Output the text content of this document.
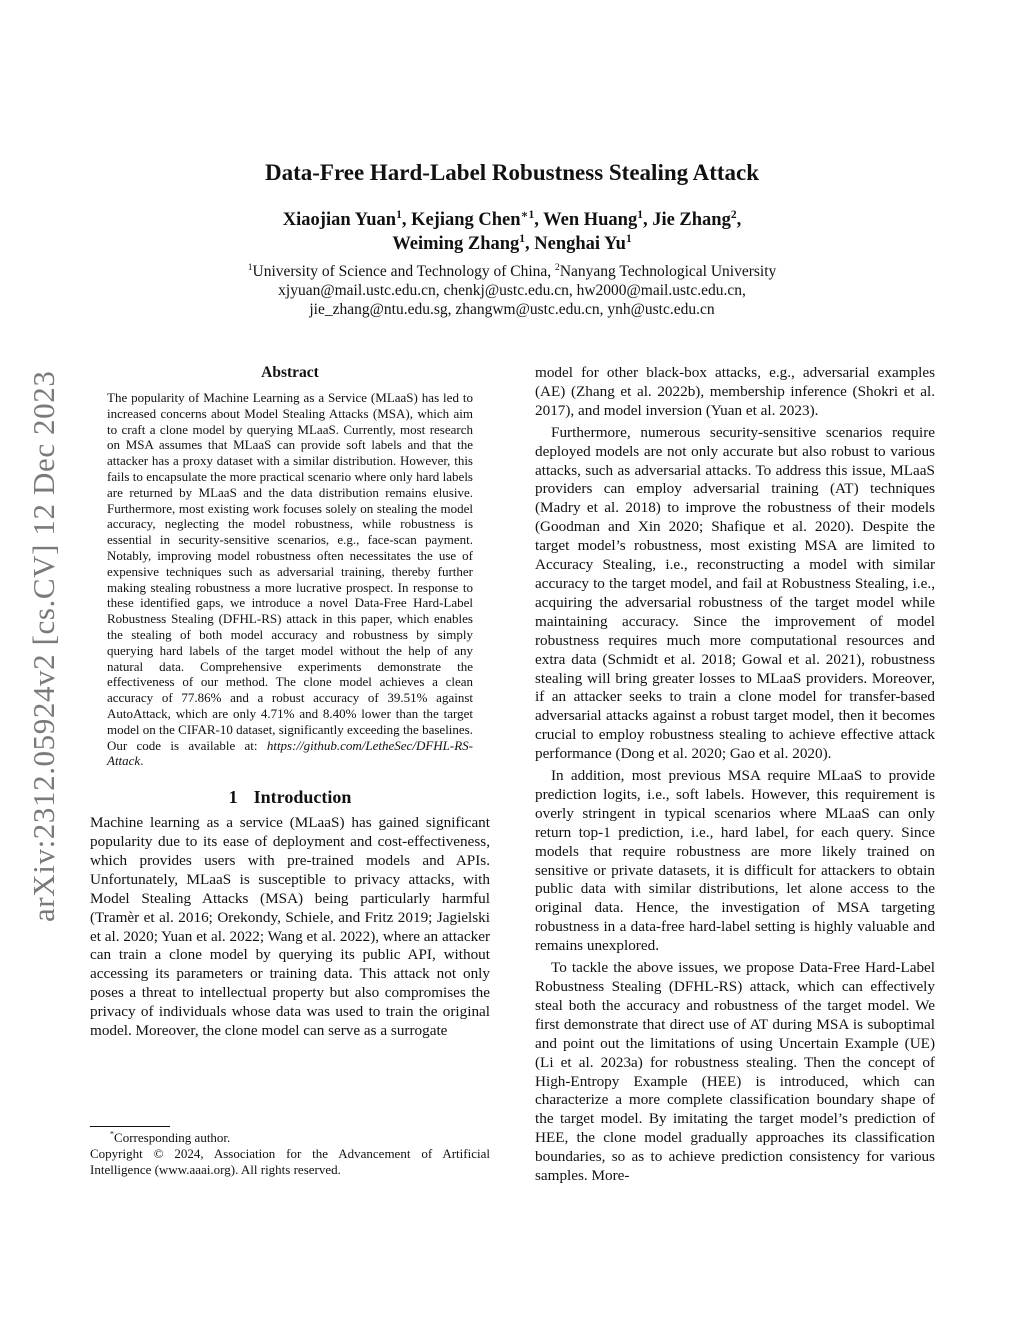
arXiv:2312.05924v2 [cs.CV] 12 Dec 2023
Data-Free Hard-Label Robustness Stealing Attack
Xiaojian Yuan$^1$, Kejiang Chen$^{∗1}$, Wen Huang$^1$, Jie Zhang$^2$,
Weiming Zhang$^1$, Nenghai Yu$^1$
$^1$University of Science and Technology of China, $^2$Nanyang Technological University
xjyuan@mail.ustc.edu.cn, chenkj@ustc.edu.cn, hw2000@mail.ustc.edu.cn,
jie_zhang@ntu.edu.sg, zhangwm@ustc.edu.cn, ynh@ustc.edu.cn
Abstract

The popularity of Machine Learning as a Service (MLaaS) has led to increased concerns about Model Stealing Attacks (MSA), which aim to craft a clone model by querying MLaaS. Currently, most research on MSA assumes that MLaaS can provide soft labels and that the attacker has a proxy dataset with a similar distribution. However, this fails to encapsulate the more practical scenario where only hard labels are returned by MLaaS and the data distribution remains elusive. Furthermore, most existing work focuses solely on stealing the model accuracy, neglecting the model robustness, while robustness is essential in security-sensitive scenarios, e.g., face-scan payment. Notably, improving model robustness often necessitates the use of expensive techniques such as adversarial training, thereby further making stealing robustness a more lucrative prospect. In response to these identified gaps, we introduce a novel Data-Free Hard-Label Robustness Stealing (DFHL-RS) attack in this paper, which enables the stealing of both model accuracy and robustness by simply querying hard labels of the target model without the help of any natural data. Comprehensive experiments demonstrate the effectiveness of our method. The clone model achieves a clean accuracy of 77.86% and a robust accuracy of 39.51% against AutoAttack, which are only 4.71% and 8.40% lower than the target model on the CIFAR-10 dataset, significantly exceeding the baselines. Our code is available at: https://github.com/LetheSec/DFHL-RS-Attack.

1 Introduction

Machine learning as a service (MLaaS) has gained significant popularity due to its ease of deployment and cost-effectiveness, which provides users with pre-trained models and APIs. Unfortunately, MLaaS is susceptible to privacy attacks, with Model Stealing Attacks (MSA) being particularly harmful (Tramèr et al. 2016; Orekondy, Schiele, and Fritz 2019; Jagielski et al. 2020; Yuan et al. 2022; Wang et al. 2022), where an attacker can train a clone model by querying its public API, without accessing its parameters or training data. This attack not only poses a threat to intellectual property but also compromises the privacy of individuals whose data was used to train the original model. Moreover, the clone model can serve as a surrogate

*Corresponding author.

Copyright © 2024, Association for the Advancement of Artificial Intelligence (www.aaai.org). All rights reserved.

model for other black-box attacks, e.g., adversarial examples (AE) (Zhang et al. 2022b), membership inference (Shokri et al. 2017), and model inversion (Yuan et al. 2023).

Furthermore, numerous security-sensitive scenarios require deployed models are not only accurate but also robust to various attacks, such as adversarial attacks. To address this issue, MLaaS providers can employ adversarial training (AT) techniques (Madry et al. 2018) to improve the robustness of their models (Goodman and Xin 2020; Shafique et al. 2020). Despite the target model’s robustness, most existing MSA are limited to Accuracy Stealing, i.e., reconstructing a model with similar accuracy to the target model, and fail at Robustness Stealing, i.e., acquiring the adversarial robustness of the target model while maintaining accuracy. Since the improvement of model robustness requires much more computational resources and extra data (Schmidt et al. 2018; Gowal et al. 2021), robustness stealing will bring greater losses to MLaaS providers. Moreover, if an attacker seeks to train a clone model for transfer-based adversarial attacks against a robust target model, then it becomes crucial to employ robustness stealing to achieve effective attack performance (Dong et al. 2020; Gao et al. 2020).

In addition, most previous MSA require MLaaS to provide prediction logits, i.e., soft labels. However, this requirement is overly stringent in typical scenarios where MLaaS can only return top-1 prediction, i.e., hard label, for each query. Since models that require robustness are more likely trained on sensitive or private datasets, it is difficult for attackers to obtain public data with similar distributions, let alone access to the original data. Hence, the investigation of MSA targeting robustness in a data-free hard-label setting is highly valuable and remains unexplored.

To tackle the above issues, we propose Data-Free Hard-Label Robustness Stealing (DFHL-RS) attack, which can effectively steal both the accuracy and robustness of the target model. We first demonstrate that direct use of AT during MSA is suboptimal and point out the limitations of using Uncertain Example (UE) (Li et al. 2023a) for robustness stealing. Then the concept of High-Entropy Example (HEE) is introduced, which can characterize a more complete classification boundary shape of the target model. By imitating the target model’s prediction of HEE, the clone model gradually approaches its classification boundaries, so as to achieve prediction consistency for various samples. More-
